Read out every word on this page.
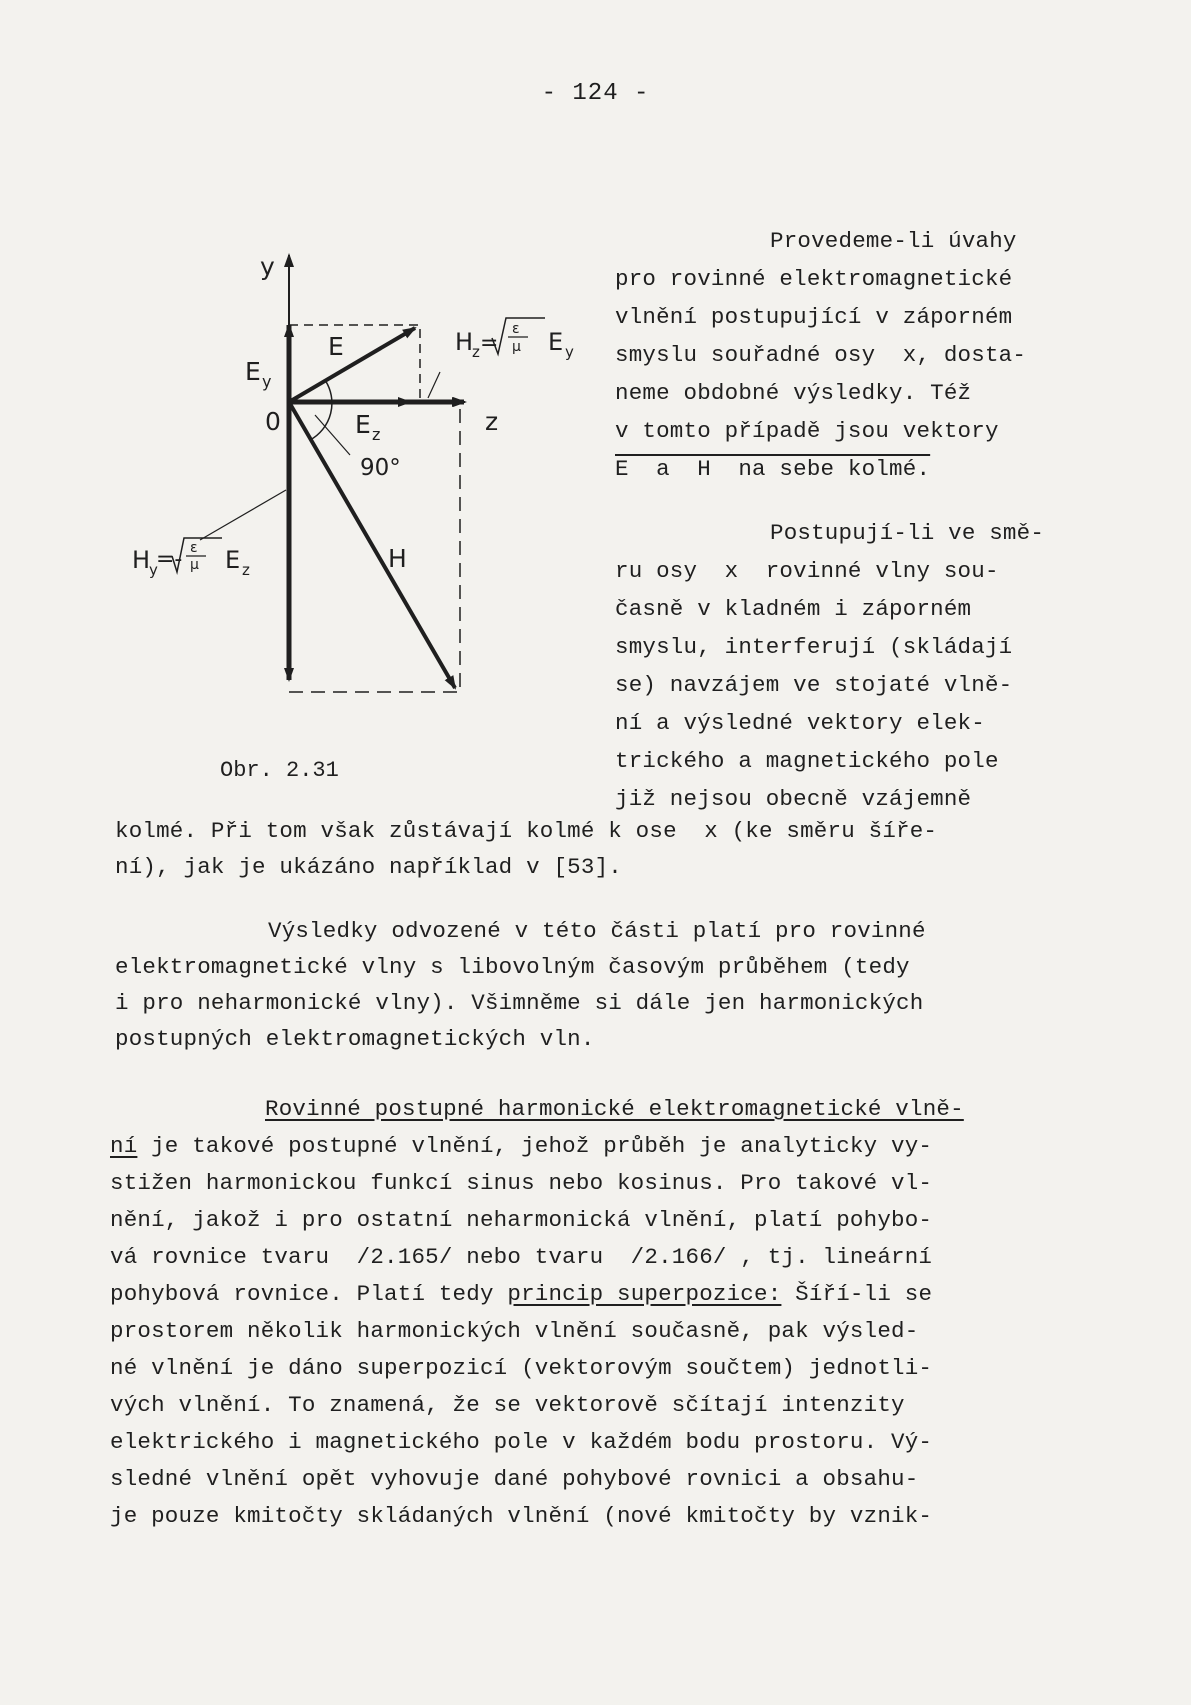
- 124 -
y
z
0
E
E y
E z
90°
H
H
z =
ε
μ E y
H
y
=- ε
μ E z
Obr. 2.31
Provedeme-li úvahy
pro rovinné elektromagnetické
vlnění postupující v záporném
smyslu souřadné osy  x, dosta-
neme obdobné výsledky. Též
v tomto případě jsou vektory
E  a  H  na sebe kolmé.
Postupují-li ve smě-
ru osy  x  rovinné vlny sou-
časně v kladném i záporném
smyslu, interferují (skládají
se) navzájem ve stojaté vlně-
ní a výsledné vektory elek-
trického a magnetického pole
již nejsou obecně vzájemně
kolmé. Při tom však zůstávají kolmé k ose  x (ke směru šíře-
ní), jak je ukázáno například v [53].
Výsledky odvozené v této části platí pro rovinné
elektromagnetické vlny s libovolným časovým průběhem (tedy
i pro neharmonické vlny). Všimněme si dále jen harmonických
postupných elektromagnetických vln.
Rovinné postupné harmonické elektromagnetické vlně-
ní je takové postupné vlnění, jehož průběh je analyticky vy-
stižen harmonickou funkcí sinus nebo kosinus. Pro takové vl-
nění, jakož i pro ostatní neharmonická vlnění, platí pohybo-
vá rovnice tvaru  /2.165/ nebo tvaru  /2.166/ , tj. lineární
pohybová rovnice. Platí tedy princip superpozice: Šíří-li se
prostorem několik harmonických vlnění současně, pak výsled-
né vlnění je dáno superpozicí (vektorovým součtem) jednotli-
vých vlnění. To znamená, že se vektorově sčítají intenzity
elektrického i magnetického pole v každém bodu prostoru. Vý-
sledné vlnění opět vyhovuje dané pohybové rovnici a obsahu-
je pouze kmitočty skládaných vlnění (nové kmitočty by vznik-
